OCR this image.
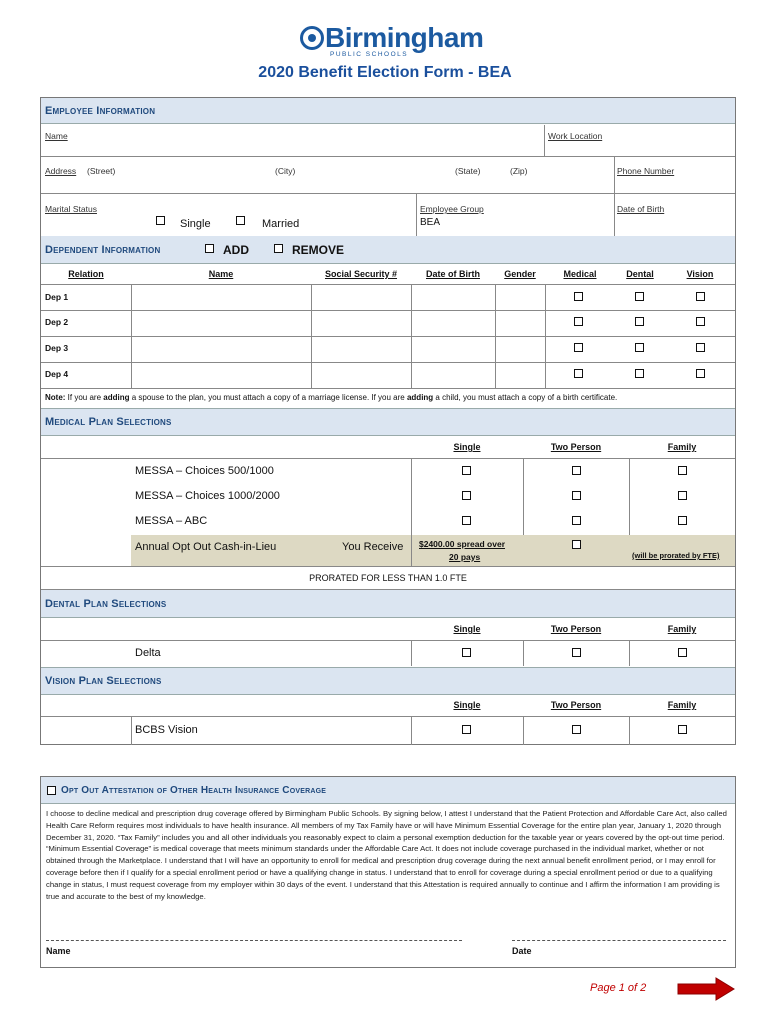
Birmingham
PUBLIC SCHOOLS
2020 Benefit Election Form - BEA
Employee Information
Name	Work Location
Address (Street)	(City)	(State)	(Zip)	Phone Number
Marital Status
Single	Married
Employee Group
BEA
Date of Birth
Dependent Information	ADD	REMOVE
Relation	Name	Social Security #	Date of Birth	Gender	Medical	Dental	Vision
Dep 1
Dep 2
Dep 3
Dep 4
Note: If you are adding a spouse to the plan, you must attach a copy of a marriage license. If you are adding a child, you must attach a copy of a birth certificate.
Medical Plan Selections
Single	Two Person	Family
MESSA – Choices 500/1000
MESSA – Choices 1000/2000
MESSA – ABC
Annual Opt Out Cash-in-Lieu	You Receive $2400.00 spread over
20 pays	(will be prorated by FTE)
PRORATED FOR LESS THAN 1.0 FTE
Dental Plan Selections
Single	Two Person	Family
Delta
Vision Plan Selections
Single	Two Person	Family
BCBS Vision
Opt Out Attestation of Other Health Insurance Coverage
I choose to decline medical and prescription drug coverage offered by Birmingham Public Schools. By signing below, I attest I understand that the Patient Protection and Affordable Care Act, also called Health Care Reform requires most individuals to have health insurance. All members of my Tax Family have or will have Minimum Essential Coverage for the entire plan year, January 1, 2020 through December 31, 2020. “Tax Family” includes you and all other individuals you reasonably expect to claim a personal exemption deduction for the taxable year or years covered by the opt-out time period. “Minimum Essential Coverage” is medical coverage that meets minimum standards under the Affordable Care Act. It does not include coverage purchased in the individual market, whether or not obtained through the Marketplace. I understand that I will have an opportunity to enroll for medical and prescription drug coverage during the next annual benefit enrollment period, or I may enroll for coverage before then if I qualify for a special enrollment period or have a qualifying change in status. I understand that to enroll for coverage during a special enrollment period or due to a qualifying change in status, I must request coverage from my employer within 30 days of the event. I understand that this Attestation is required annually to continue and I affirm the information I am providing is true and accurate to the best of my knowledge.
Name	Date
Page 1 of 2
